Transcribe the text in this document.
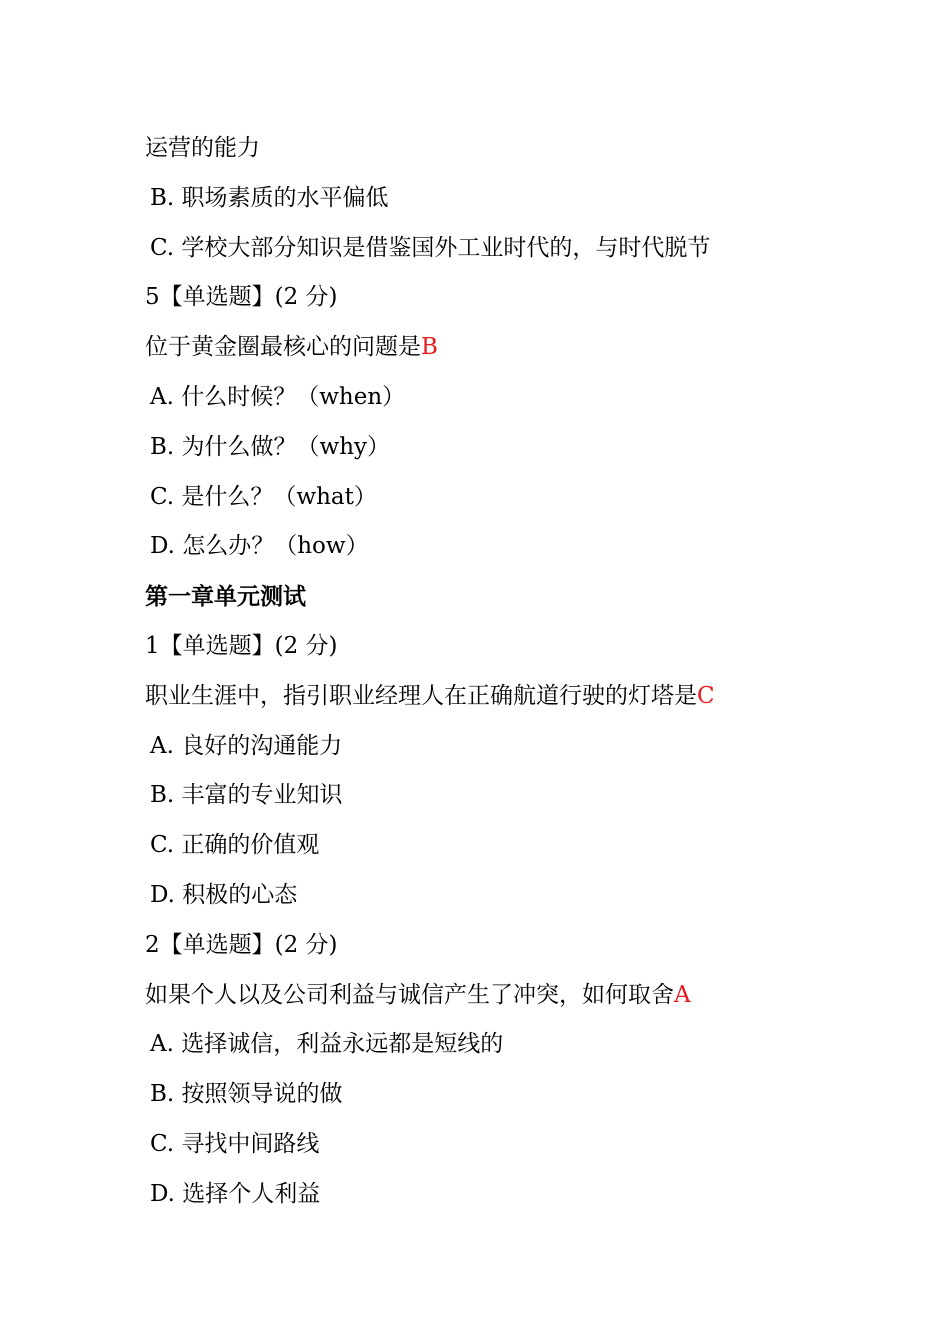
运营的能力
B. 职场素质的水平偏低
C. 学校大部分知识是借鉴国外工业时代的，与时代脱节
5【单选题】(2 分)
位于黄金圈最核心的问题是B
A. 什么时候？（when）
B. 为什么做？（why）
C. 是什么？（what）
D. 怎么办？（how）
第一章单元测试
1【单选题】(2 分)
职业生涯中，指引职业经理人在正确航道行驶的灯塔是C
A. 良好的沟通能力
B. 丰富的专业知识
C. 正确的价值观
D. 积极的心态
2【单选题】(2 分)
如果个人以及公司利益与诚信产生了冲突，如何取舍A
A. 选择诚信，利益永远都是短线的
B. 按照领导说的做
C. 寻找中间路线
D. 选择个人利益
